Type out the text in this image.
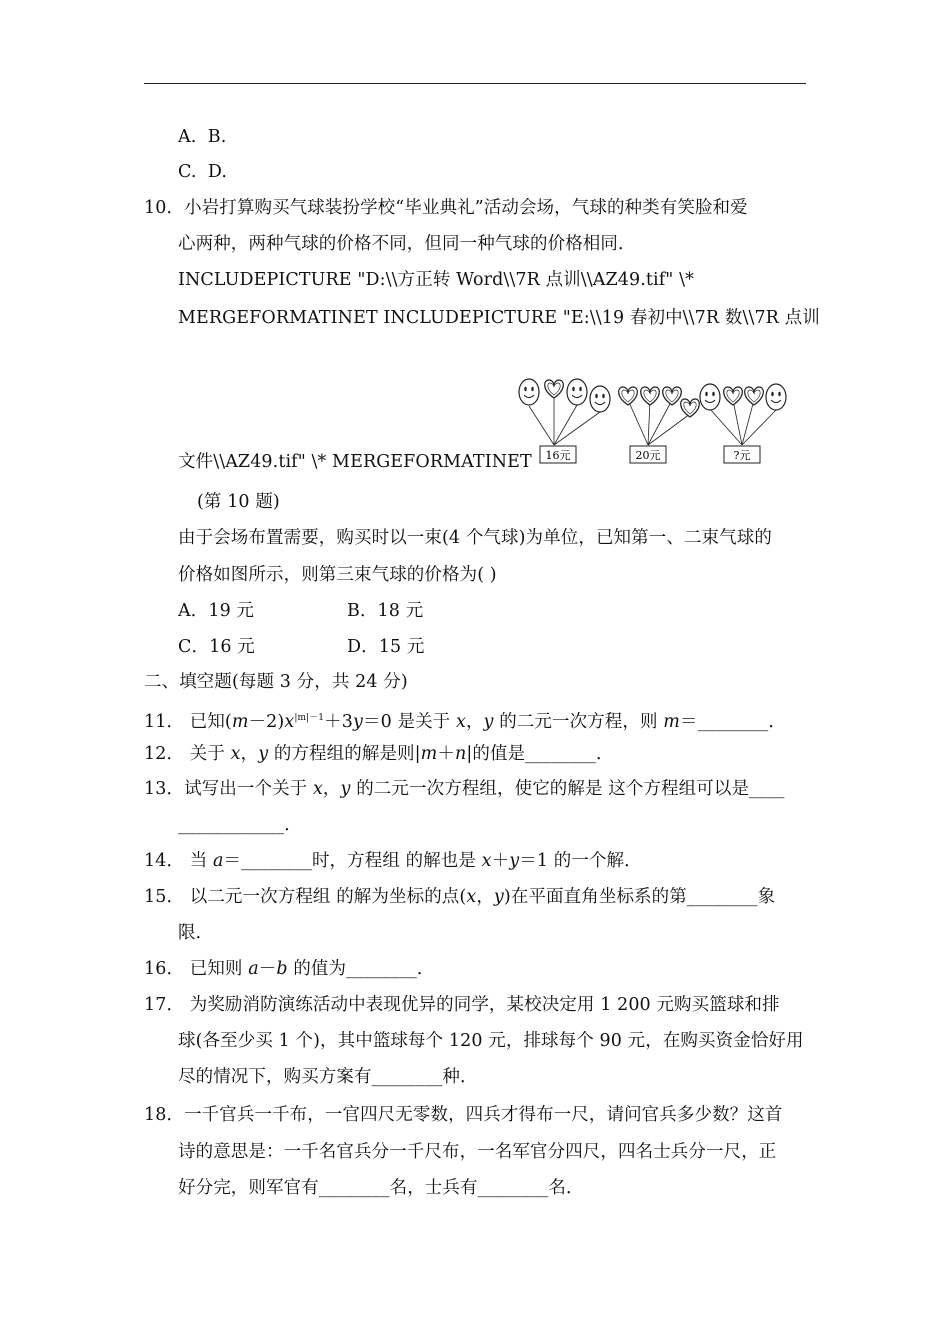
A. B.
C. D.
10．小岩打算购买气球装扮学校“毕业典礼”活动会场，气球的种类有笑脸和爱
心两种，两种气球的价格不同，但同一种气球的价格相同．
INCLUDEPICTURE "D:\\方正转 Word\\7R 点训\\AZ49.tif" \*
MERGEFORMATINET INCLUDEPICTURE "E:\\19 春初中\\7R 数\\7R 点训
文件\\AZ49.tif" \* MERGEFORMATINET 16元	20元	?元
(第 10 题)
由于会场布置需要，购买时以一束(4 个气球)为单位，已知第一、二束气球的
价格如图所示，则第三束气球的价格为( )
A．19 元	B．18 元
C．16 元	D．15 元
二、填空题(每题 3 分，共 24 分)
11． 已知$(m-2)x^{|m|-1}+3y=0$ 是关于 x，y 的二元一次方程，则 m＝________．
12． 关于 x，y 的方程组的解是则|m＋n|的值是________．
13．试写出一个关于 x，y 的二元一次方程组，使它的解是 这个方程组可以是____
____________．
14． 当 a＝________时，方程组 的解也是 x＋y＝1 的一个解．
15． 以二元一次方程组 的解为坐标的点(x，y)在平面直角坐标系的第________象
限．
16． 已知则 a－b 的值为________．
17． 为奖励消防演练活动中表现优异的同学，某校决定用 1 200 元购买篮球和排
球(各至少买 1 个)，其中篮球每个 120 元，排球每个 90 元，在购买资金恰好用
尽的情况下，购买方案有________种．
18．一千官兵一千布，一官四尺无零数，四兵才得布一尺，请问官兵多少数？这首
诗的意思是：一千名官兵分一千尺布，一名军官分四尺，四名士兵分一尺，正
好分完，则军官有________名，士兵有________名．
